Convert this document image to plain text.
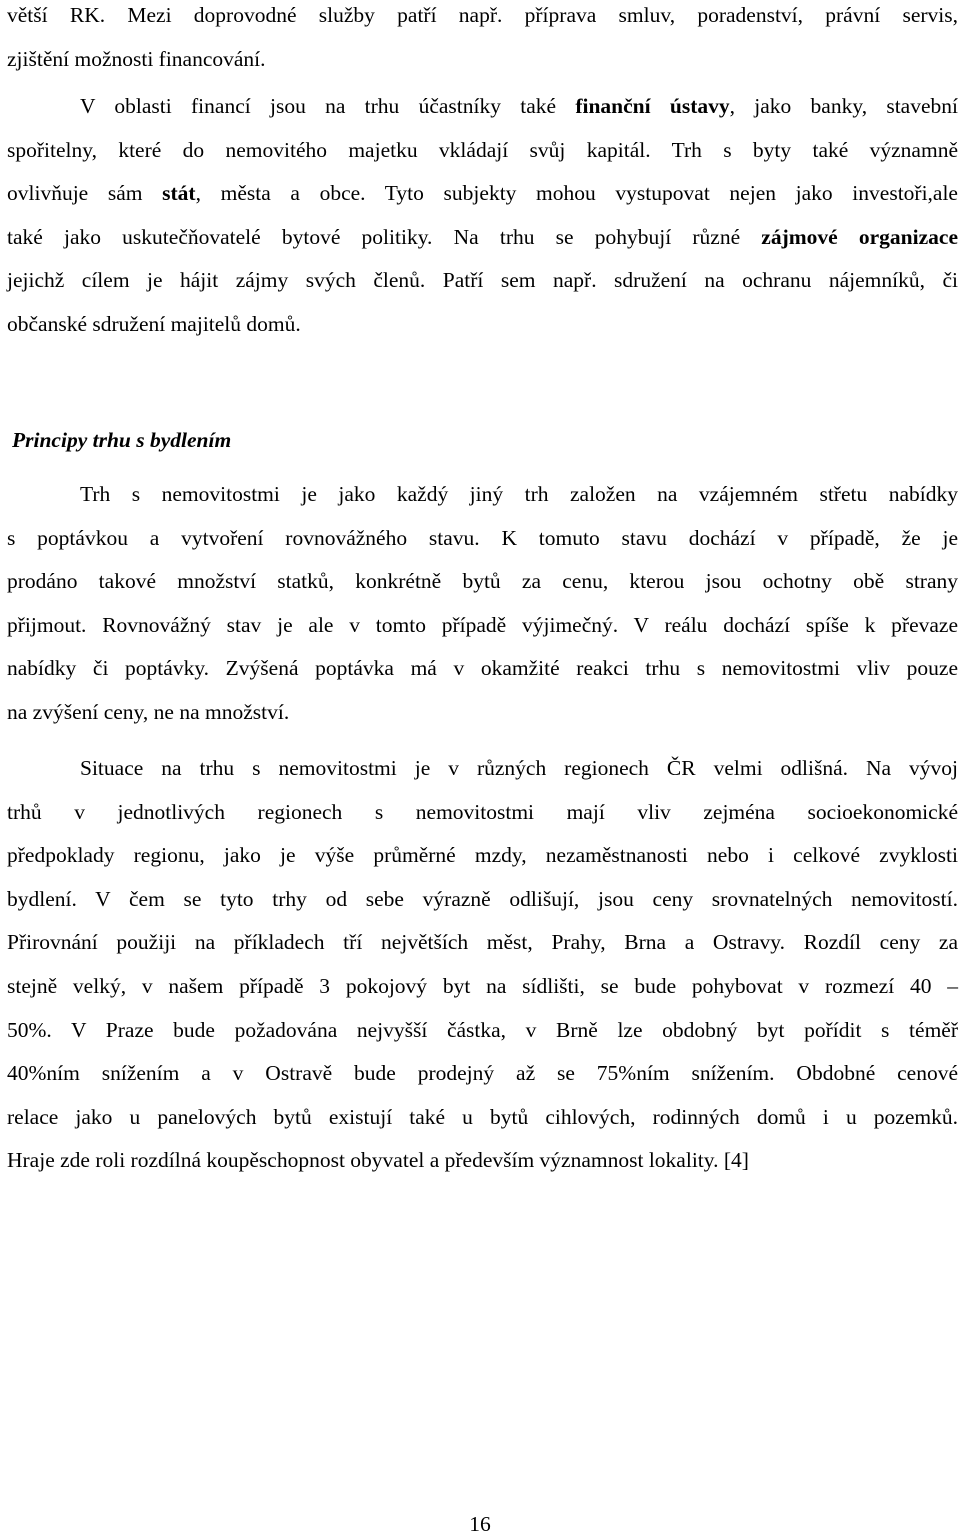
větší RK. Mezi doprovodné služby patří např. příprava smluv, poradenství, právní servis,
zjištění možnosti financování.
V oblasti financí jsou na trhu účastníky také finanční ústavy, jako banky, stavební
spořitelny, které do nemovitého majetku vkládají svůj kapitál. Trh s byty také významně
ovlivňuje sám stát, města a obce. Tyto subjekty mohou vystupovat nejen jako investoři,ale
také jako uskutečňovatelé bytové politiky. Na trhu se pohybují různé zájmové organizace
jejichž cílem je hájit zájmy svých členů. Patří sem např. sdružení na ochranu nájemníků, či
občanské sdružení majitelů domů.
Principy trhu s bydlením
Trh s nemovitostmi je jako každý jiný trh založen na vzájemném střetu nabídky
s poptávkou a vytvoření rovnovážného stavu. K tomuto stavu dochází v případě, že je
prodáno takové množství statků, konkrétně bytů za cenu, kterou jsou ochotny obě strany
přijmout. Rovnovážný stav je ale v tomto případě výjimečný. V reálu dochází spíše k převaze
nabídky či poptávky. Zvýšená poptávka má v okamžité reakci trhu s nemovitostmi vliv pouze
na zvýšení ceny, ne na množství.
Situace na trhu s nemovitostmi je v různých regionech ČR velmi odlišná. Na vývoj
trhů v jednotlivých regionech s nemovitostmi mají vliv zejména socioekonomické
předpoklady regionu, jako je výše průměrné mzdy, nezaměstnanosti nebo i celkové zvyklosti
bydlení. V čem se tyto trhy od sebe výrazně odlišují, jsou ceny srovnatelných nemovitostí.
Přirovnání použiji na příkladech tří největších měst, Prahy, Brna a Ostravy. Rozdíl ceny za
stejně velký, v našem případě 3 pokojový byt na sídlišti, se bude pohybovat v rozmezí 40 –
50%. V Praze bude požadována nejvyšší částka, v Brně lze obdobný byt pořídit s téměř
40%ním snížením a v Ostravě bude prodejný až se 75%ním snížením. Obdobné cenové
relace jako u panelových bytů existují také u bytů cihlových, rodinných domů i u pozemků.
Hraje zde roli rozdílná koupěschopnost obyvatel a především významnost lokality. [4]
16
